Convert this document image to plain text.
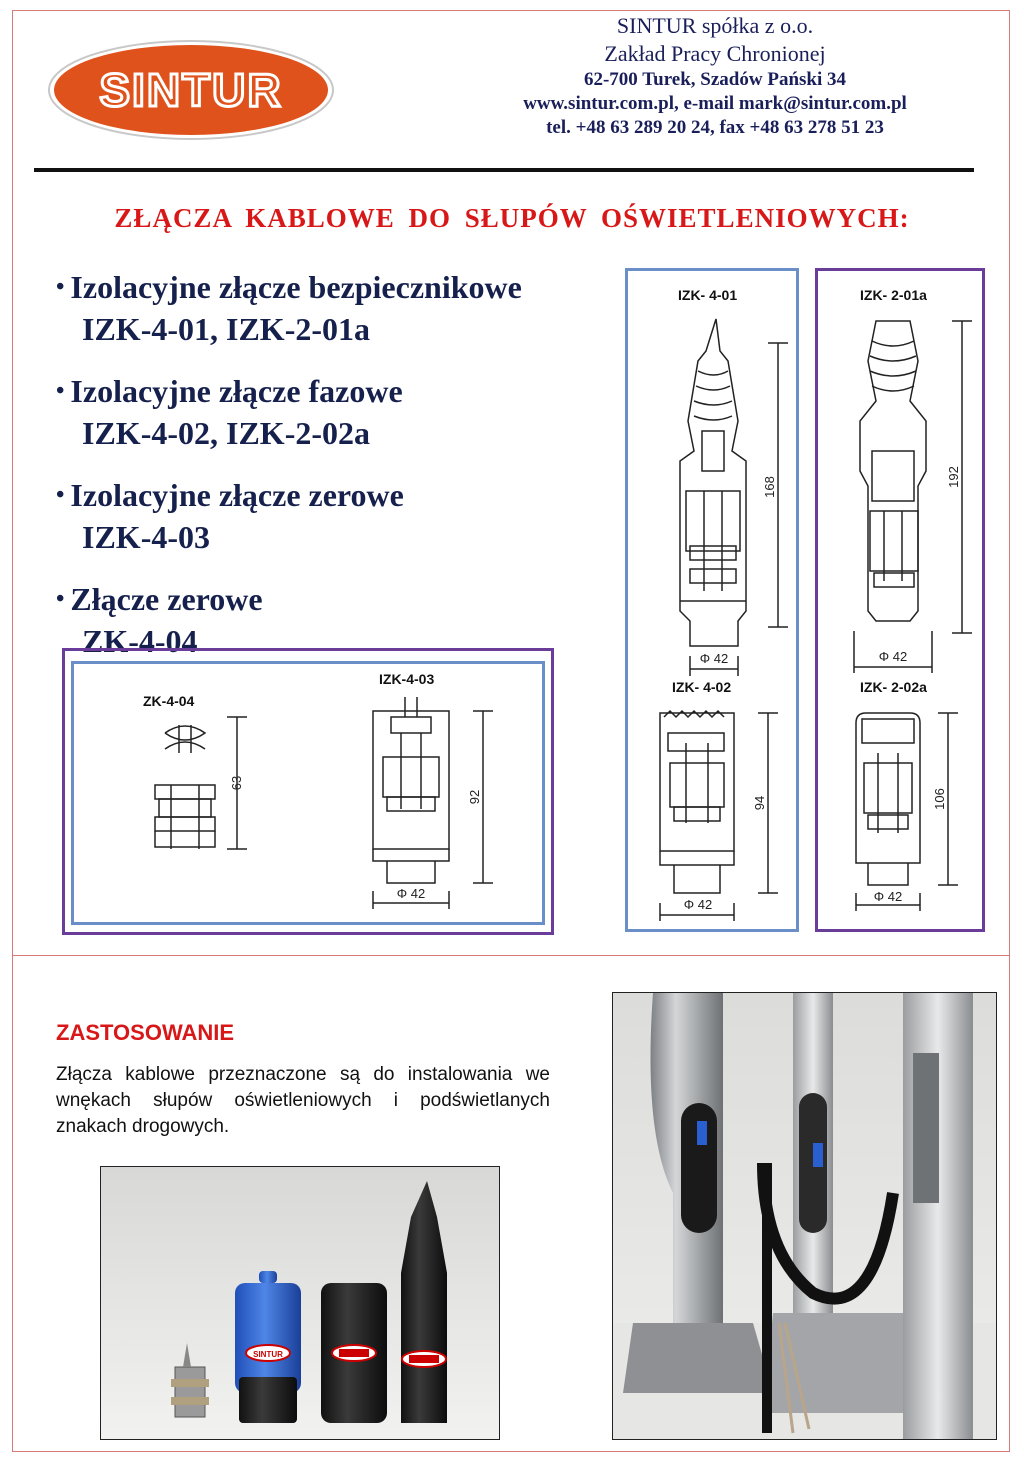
SINTUR
SINTUR spółka z o.o.
Zakład Pracy Chronionej
62-700 Turek, Szadów Pański 34
www.sintur.com.pl, e-mail mark@sintur.com.pl
tel. +48 63 289 20 24, fax +48 63 278 51 23
ZŁĄCZA KABLOWE DO SŁUPÓW OŚWIETLENIOWYCH:
• Izolacyjne złącze bezpiecznikowe
IZK-4-01, IZK-2-01a
• Izolacyjne złącze fazowe
IZK-4-02, IZK-2-02a
• Izolacyjne złącze zerowe
IZK-4-03
• Złącze zerowe
ZK-4-04
IZK- 4-01
168
Φ 42
IZK- 4-02
94
Φ 42
IZK- 2-01a
192
Φ 42
IZK- 2-02a
106
Φ 42
ZK-4-04
63
IZK-4-03
92
Φ 42
ZASTOSOWANIE
Złącza kablowe przeznaczone są do instalowania we wnękach słupów oświetleniowych i podświetlanych znakach drogowych.
SINTUR
